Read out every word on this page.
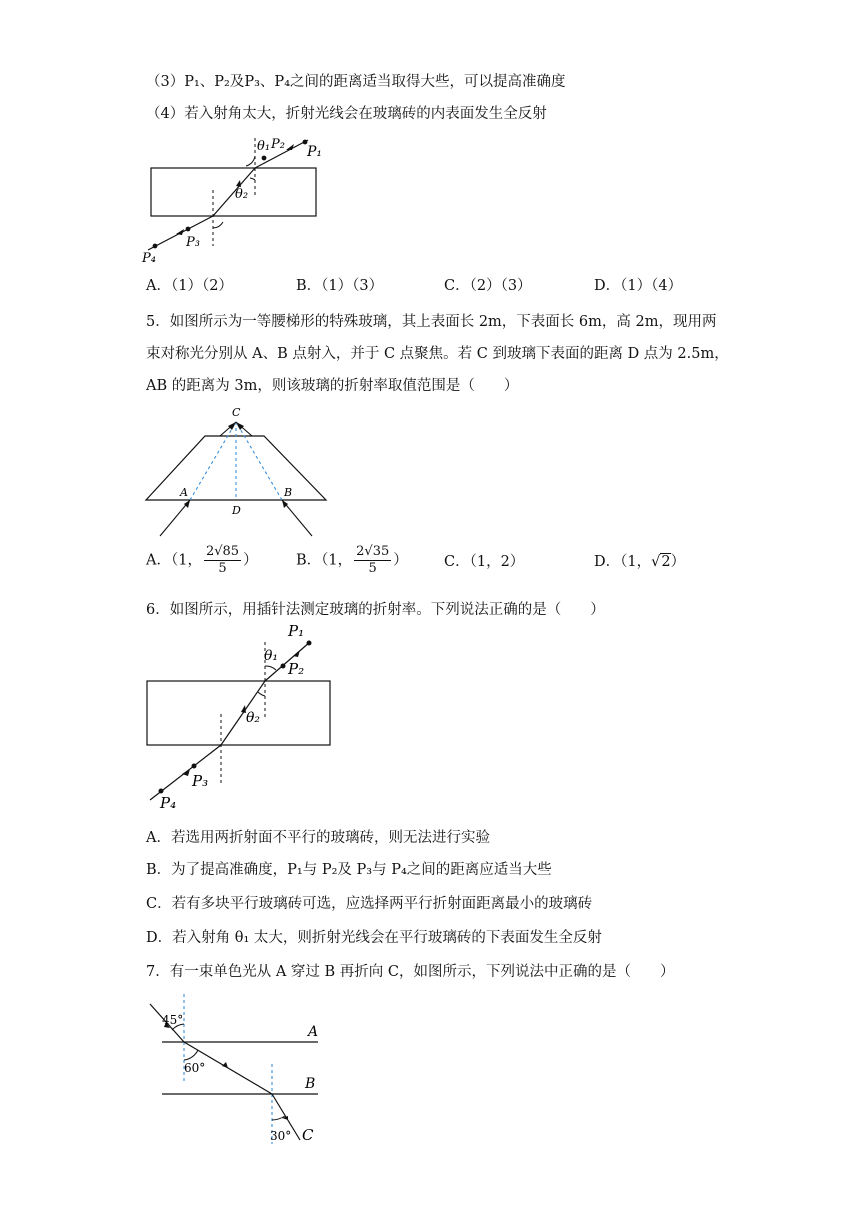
（3）P₁、P₂及P₃、P₄之间的距离适当取得大些，可以提高准确度
（4）若入射角太大，折射光线会在玻璃砖的内表面发生全反射
θ₁ P₂ P₁
θ₂
P₃
P₄
A．（1）（2）	B．（1）（3）	C．（2）（3）	D．（1）（4）
5．如图所示为一等腰梯形的特殊玻璃，其上表面长 2m，下表面长 6m，高 2m，现用两
束对称光分别从 A、B 点射入，并于 C 点聚焦。若 C 到玻璃下表面的距离 D 点为 2.5m，
AB 的距离为 3m，则该玻璃的折射率取值范围是（　　）
C
A	B
D
A．（1， $\frac{2√85}{5}$ ）	B．（1， $\frac{2√35}{5}$ ）	C．（1，2）	D．（1，√2）
6．如图所示，用插针法测定玻璃的折射率。下列说法正确的是（　　）
P₁
θ₁
P₂
θ₂
P₃
P₄
A．若选用两折射面不平行的玻璃砖，则无法进行实验
B．为了提高准确度，P₁与 P₂及 P₃与 P₄之间的距离应适当大些
C．若有多块平行玻璃砖可选，应选择两平行折射面距离最小的玻璃砖
D．若入射角 θ₁ 太大，则折射光线会在平行玻璃砖的下表面发生全反射
7．有一束单色光从 A 穿过 B 再折向 C，如图所示，下列说法中正确的是（　　）
45°
A
60°
B
30° C
